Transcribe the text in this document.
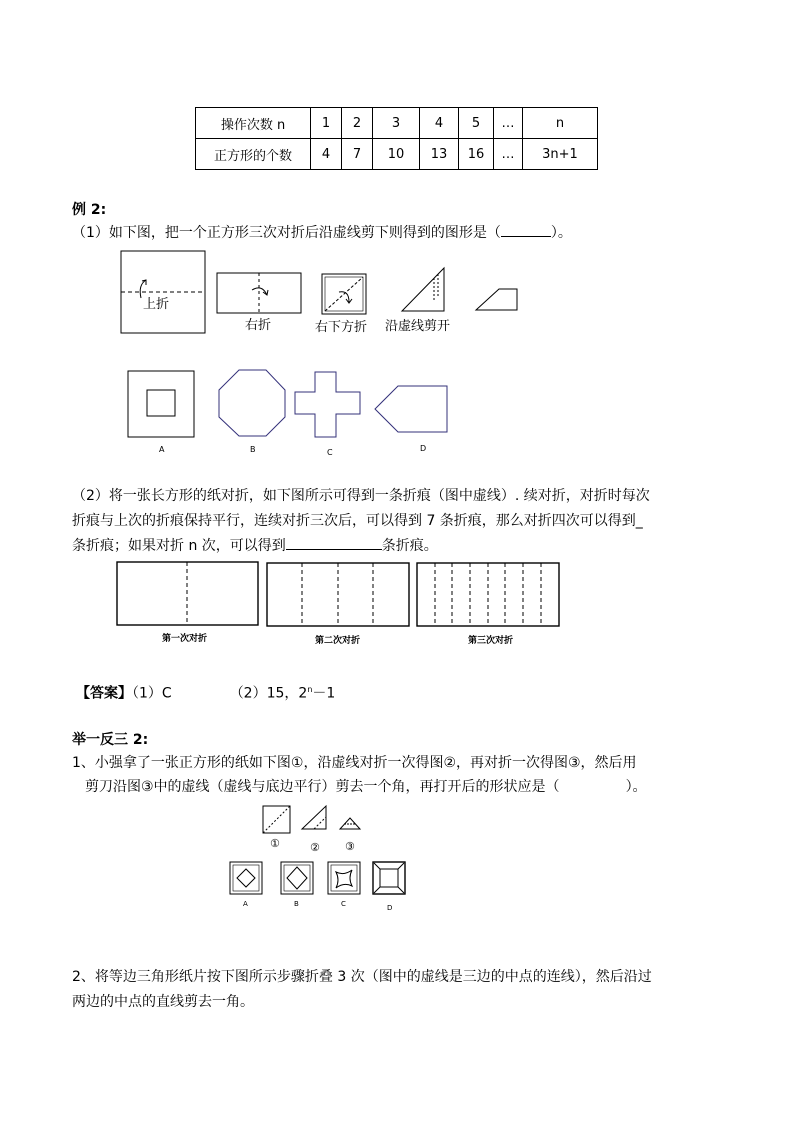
操作次数 n	1	2	3	4	5	…	n
正方形的个数	4	7	10	13	16	…	3n+1
例 2:
（1）如下图，把一个正方形三次对折后沿虚线剪下则得到的图形是（	）。
上折
右折	右下方折 沿虚线剪开
A	B	C	D
（2）将一张长方形的纸对折，如下图所示可得到一条折痕（图中虚线）. 续对折，对折时每次
折痕与上次的折痕保持平行，连续对折三次后，可以得到 7 条折痕，那么对折四次可以得到_
条折痕；如果对折 n 次，可以得到	条折痕。
第一次对折	第二次对折	第三次对折
【答案】（1）C	（2）15，$2^n-1$
举一反三 2:
1、小强拿了一张正方形的纸如下图①，沿虚线对折一次得图②，再对折一次得图③，然后用
剪刀沿图③中的虚线（虚线与底边平行）剪去一个角，再打开后的形状应是（	）。
①	② ③
A	B	C	D
2、将等边三角形纸片按下图所示步骤折叠 3 次（图中的虚线是三边的中点的连线），然后沿过
两边的中点的直线剪去一角。
